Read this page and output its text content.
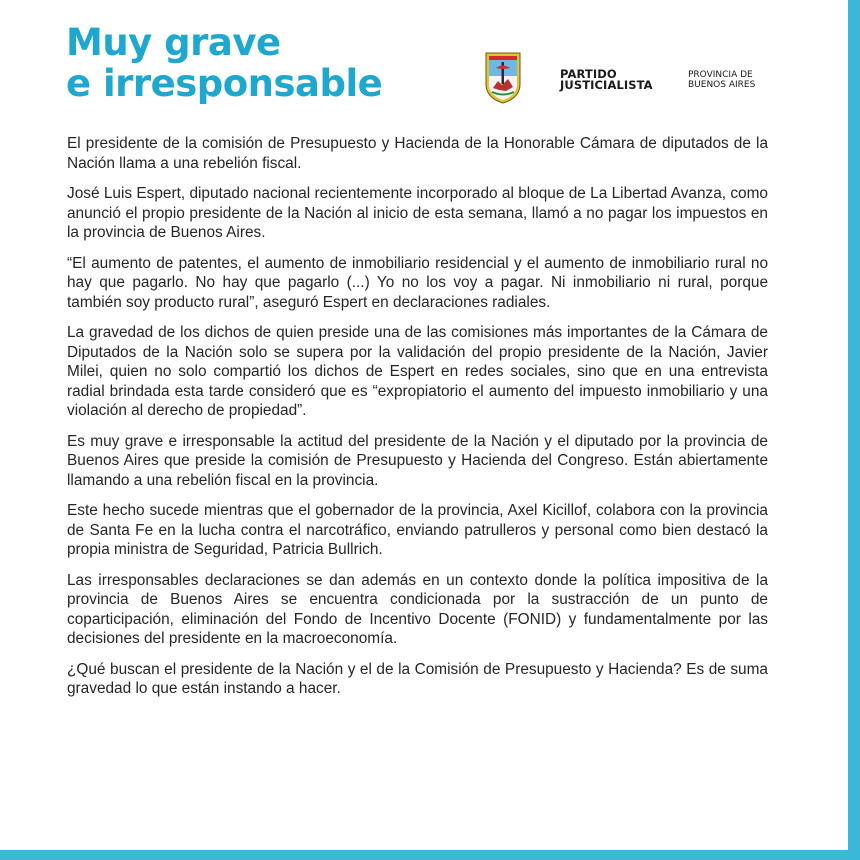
Muy grave
e irresponsable	PARTIDO
JUSTICIALISTA
PROVINCIA DE
BUENOS AIRES

El presidente de la comisión de Presupuesto y Hacienda de la Honorable Cámara de diputados de la Nación llama a una rebelión fiscal.

José Luis Espert, diputado nacional recientemente incorporado al bloque de La Libertad Avanza, como anunció el propio presidente de la Nación al inicio de esta semana, llamó a no pagar los impuestos en la provincia de Buenos Aires.

“El aumento de patentes, el aumento de inmobiliario residencial y el aumento de inmobiliario rural no hay que pagarlo. No hay que pagarlo (...) Yo no los voy a pagar. Ni inmobiliario ni rural, porque también soy producto rural”, aseguró Espert en declaraciones radiales.

La gravedad de los dichos de quien preside una de las comisiones más importantes de la Cámara de Diputados de la Nación solo se supera por la validación del propio presidente de la Nación, Javier Milei, quien no solo compartió los dichos de Espert en redes sociales, sino que en una entrevista radial brindada esta tarde consideró que es “expropiatorio el aumento del impuesto inmobiliario y una violación al derecho de propiedad”.

Es muy grave e irresponsable la actitud del presidente de la Nación y el diputado por la provincia de Buenos Aires que preside la comisión de Presupuesto y Hacienda del Congreso. Están abiertamente llamando a una rebelión fiscal en la provincia.

Este hecho sucede mientras que el gobernador de la provincia, Axel Kicillof, colabora con la provincia de Santa Fe en la lucha contra el narcotráfico, enviando patrulleros y personal como bien destacó la propia ministra de Seguridad, Patricia Bullrich.

Las irresponsables declaraciones se dan además en un contexto donde la política impositiva de la provincia de Buenos Aires se encuentra condicionada por la sustracción de un punto de coparticipación, eliminación del Fondo de Incentivo Docente (FONID) y fundamentalmente por las decisiones del presidente en la macroeconomía.

¿Qué buscan el presidente de la Nación y el de la Comisión de Presupuesto y Hacienda? Es de suma gravedad lo que están instando a hacer.
